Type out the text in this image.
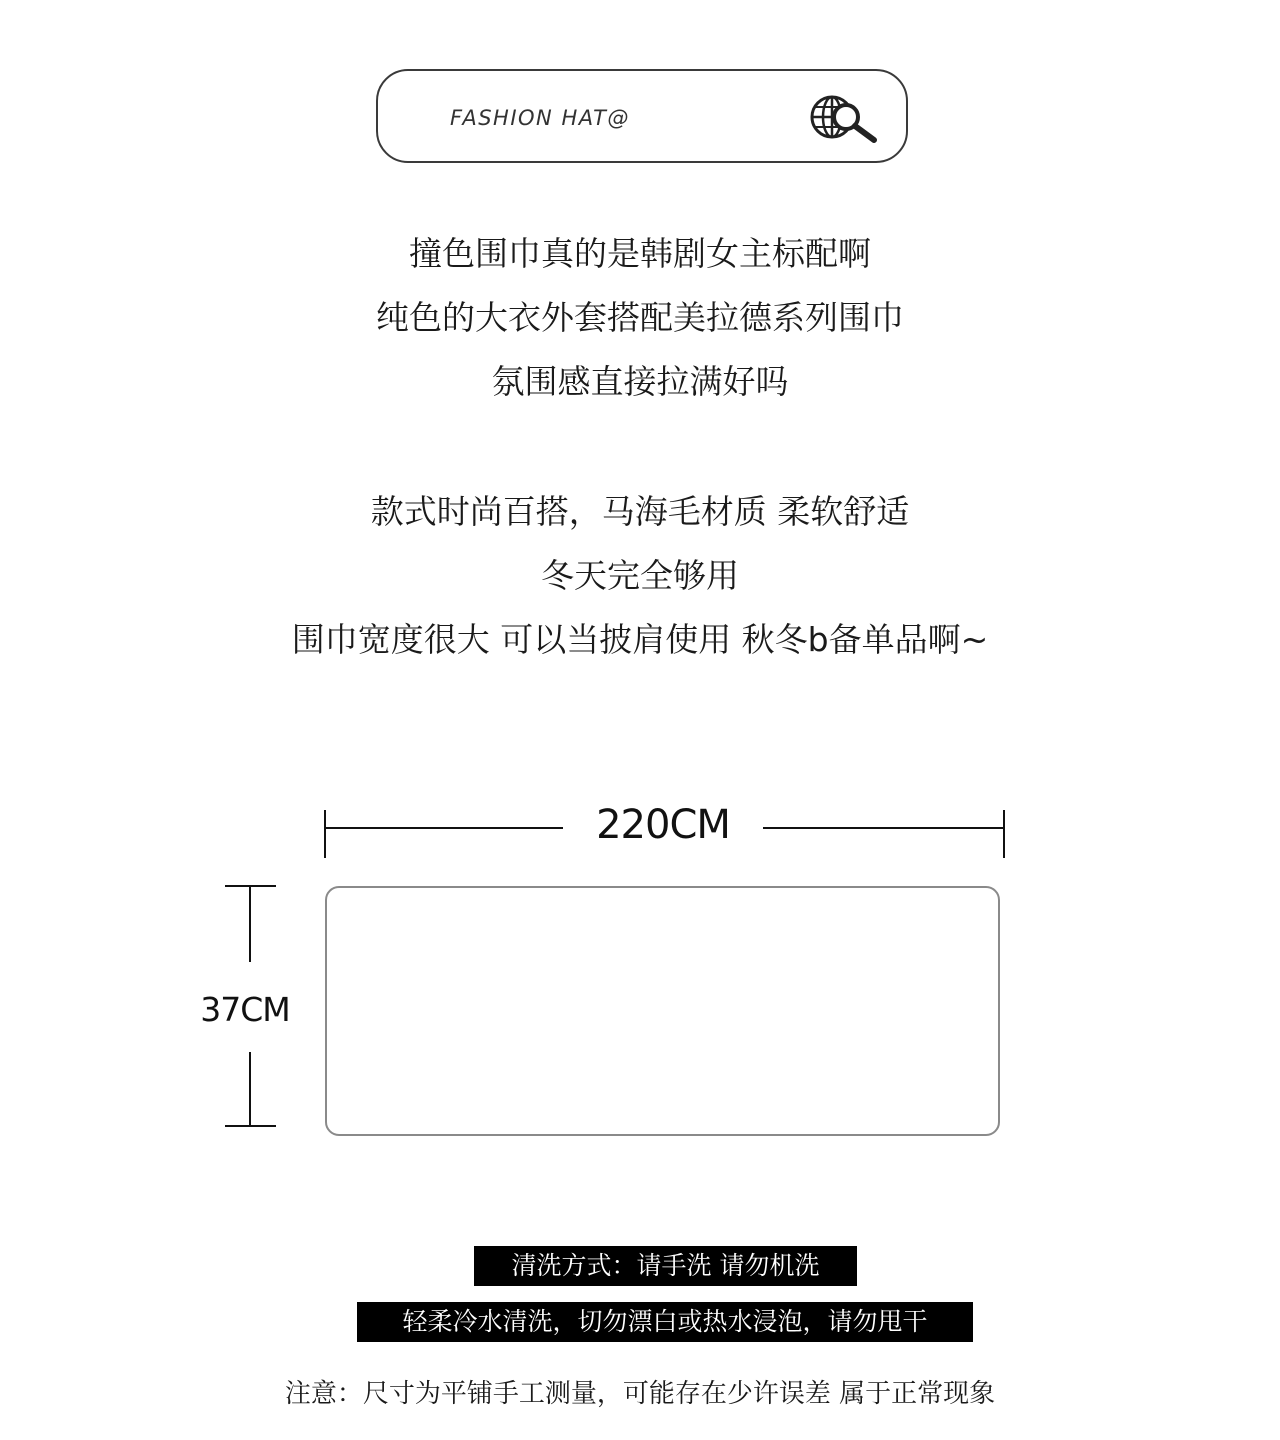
FASHION HAT@
撞色围巾真的是韩剧女主标配啊
纯色的大衣外套搭配美拉德系列围巾
氛围感直接拉满好吗
款式时尚百搭，马海毛材质 柔软舒适
冬天完全够用
围巾宽度很大 可以当披肩使用 秋冬b备单品啊~
220CM
37CM
清洗方式：请手洗 请勿机洗
轻柔冷水清洗，切勿漂白或热水浸泡，请勿甩干
注意：尺寸为平铺手工测量，可能存在少许误差 属于正常现象
